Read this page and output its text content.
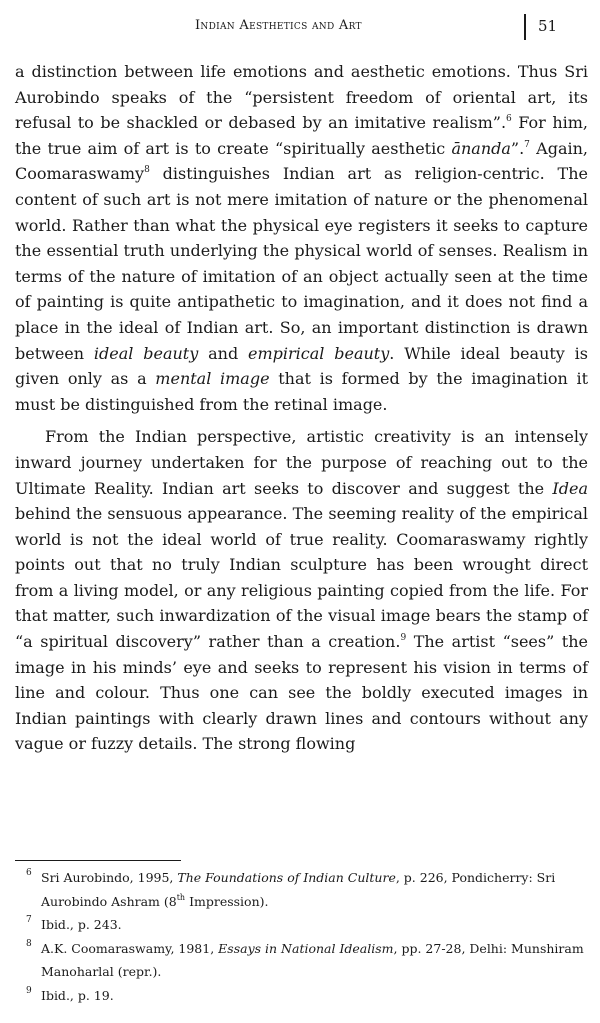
Indian Aesthetics and Art	51

a distinction between life emotions and aesthetic emotions. Thus Sri Aurobindo speaks of the “persistent freedom of oriental art, its refusal to be shackled or debased by an imitative realism”.$^6$ For him, the true aim of art is to create “spiritually aesthetic ānanda”.$^7$ Again, Coomaraswamy$^8$ distinguishes Indian art as religion-centric. The content of such art is not mere imitation of nature or the phenomenal world. Rather than what the physical eye registers it seeks to capture the essential truth underlying the physical world of senses. Realism in terms of the nature of imitation of an object actually seen at the time of painting is quite antipathetic to imagination, and it does not find a place in the ideal of Indian art. So, an important distinction is drawn between ideal beauty and empirical beauty. While ideal beauty is given only as a mental image that is formed by the imagination it must be distinguished from the retinal image.

From the Indian perspective, artistic creativity is an intensely inward journey undertaken for the purpose of reaching out to the Ultimate Reality. Indian art seeks to discover and suggest the Idea behind the sensuous appearance. The seeming reality of the empirical world is not the ideal world of true reality. Coomaraswamy rightly points out that no truly Indian sculpture has been wrought direct from a living model, or any religious painting copied from the life. For that matter, such inwardization of the visual image bears the stamp of “a spiritual discovery” rather than a creation.$^9$ The artist “sees” the image in his minds’ eye and seeks to represent his vision in terms of line and colour. Thus one can see the boldly executed images in Indian paintings with clearly drawn lines and contours without any vague or fuzzy details. The strong flowing

6 Sri Aurobindo, 1995, The Foundations of Indian Culture, p. 226, Pondicherry: Sri Aurobindo Ashram (8th Impression).

7 Ibid., p. 243.

8 A.K. Coomaraswamy, 1981, Essays in National Idealism, pp. 27-28, Delhi: Munshiram Manoharlal (repr.).

9 Ibid., p. 19.
